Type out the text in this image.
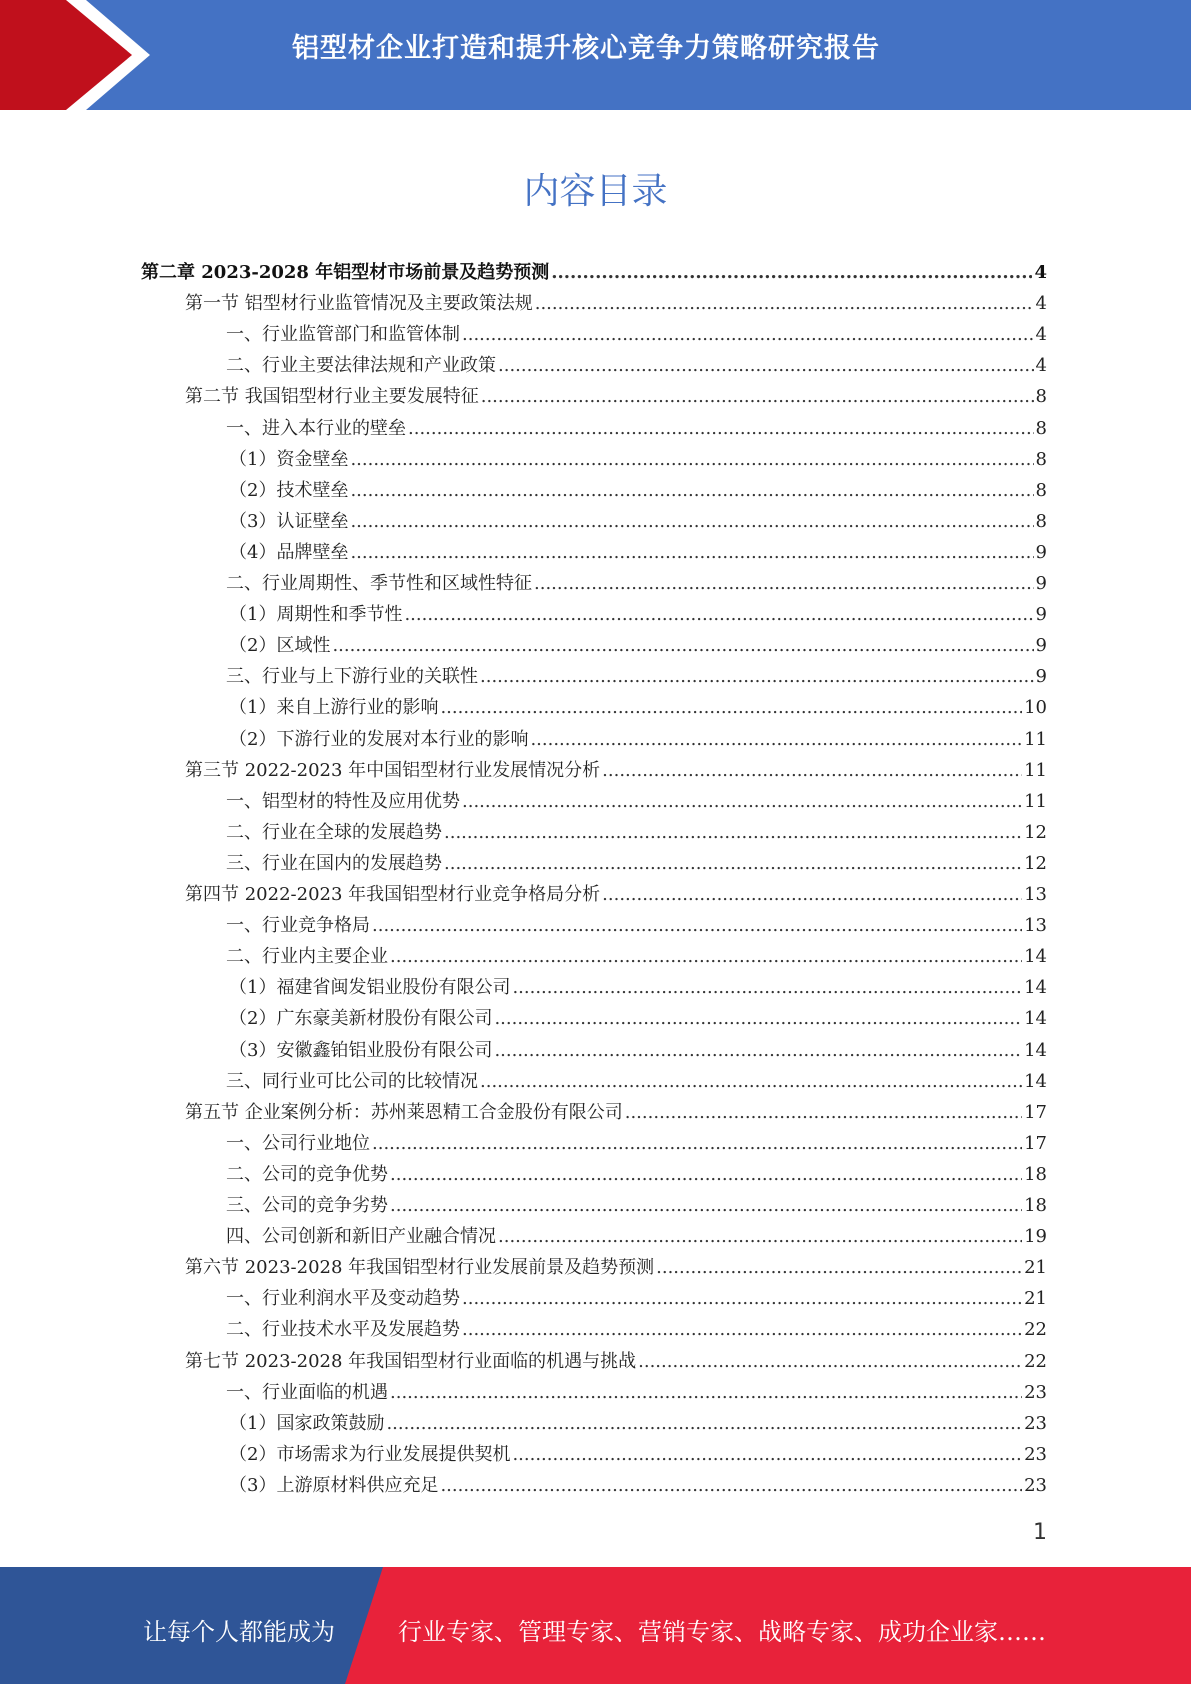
铝型材企业打造和提升核心竞争力策略研究报告
内容目录
第二章 2023-2028 年铝型材市场前景及趋势预测 .....	4
第一节 铝型材行业监管情况及主要政策法规 .....	4
一、行业监管部门和监管体制 .....	4
二、行业主要法律法规和产业政策 .....	4
第二节 我国铝型材行业主要发展特征 .....	8
一、进入本行业的壁垒 .....	8
（1）资金壁垒 .....	8
（2）技术壁垒 .....	8
（3）认证壁垒 .....	8
（4）品牌壁垒 .....	9
二、行业周期性、季节性和区域性特征 .....	9
（1）周期性和季节性 .....	9
（2）区域性 .....	9
三、行业与上下游行业的关联性 .....	9
（1）来自上游行业的影响 .....	10
（2）下游行业的发展对本行业的影响 .....	11
第三节 2022-2023 年中国铝型材行业发展情况分析 .....	11
一、铝型材的特性及应用优势 .....	11
二、行业在全球的发展趋势 .....	12
三、行业在国内的发展趋势 .....	12
第四节 2022-2023 年我国铝型材行业竞争格局分析 .....	13
一、行业竞争格局 .....	13
二、行业内主要企业 .....	14
（1）福建省闽发铝业股份有限公司 .....	14
（2）广东豪美新材股份有限公司 .....	14
（3）安徽鑫铂铝业股份有限公司 .....	14
三、同行业可比公司的比较情况 .....	14
第五节 企业案例分析：苏州莱恩精工合金股份有限公司 .....	17
一、公司行业地位 .....	17
二、公司的竞争优势 .....	18
三、公司的竞争劣势 .....	18
四、公司创新和新旧产业融合情况 .....	19
第六节 2023-2028 年我国铝型材行业发展前景及趋势预测 .....	21
一、行业利润水平及变动趋势 .....	21
二、行业技术水平及发展趋势 .....	22
第七节 2023-2028 年我国铝型材行业面临的机遇与挑战 .....	22
一、行业面临的机遇 .....	23
（1）国家政策鼓励 .....	23
（2）市场需求为行业发展提供契机 .....	23
（3）上游原材料供应充足 .....	23
1
让每个人都能成为	行业专家、管理专家、营销专家、战略专家、成功企业家……
